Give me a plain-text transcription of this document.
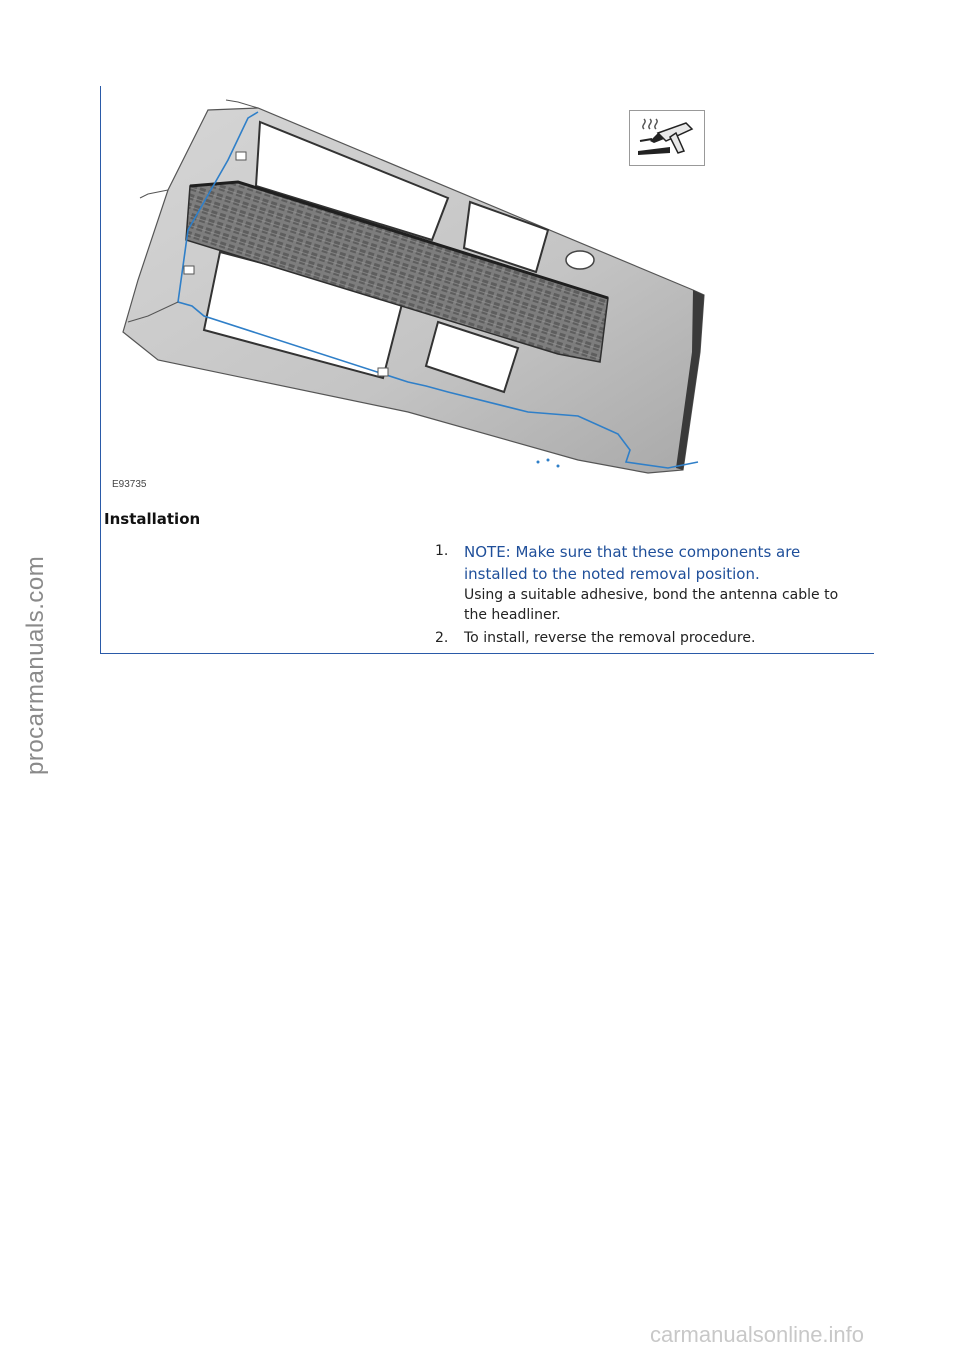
procarmanuals.com
E93735
Installation
1.	NOTE: Make sure that these components are
installed to the noted removal position.
Using a suitable adhesive, bond the antenna cable to
the headliner.
2.	To install, reverse the removal procedure.
carmanualsonline.info
